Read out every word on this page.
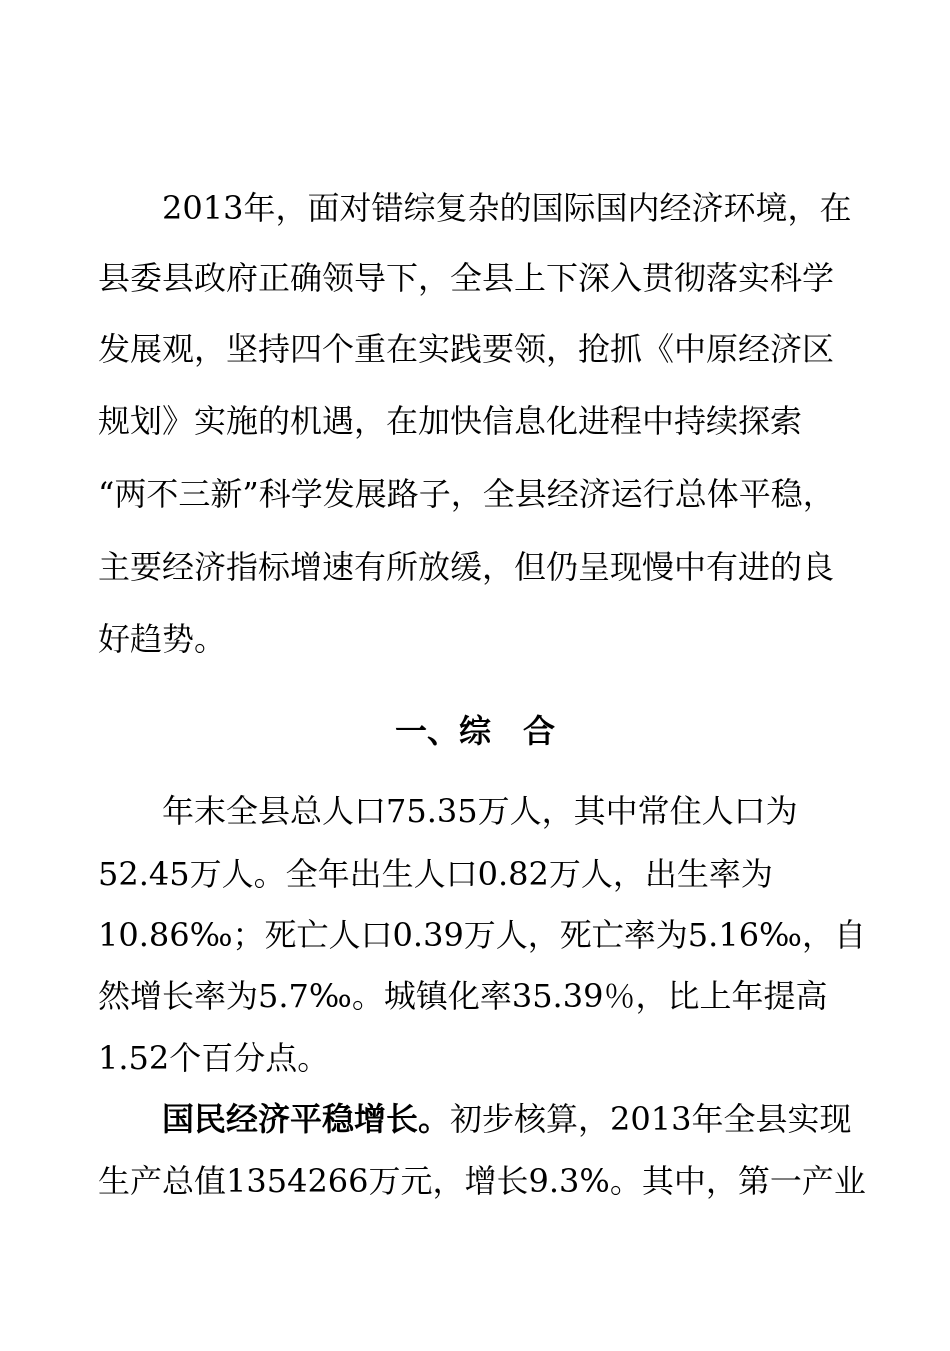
2013年，面对错综复杂的国际国内经济环境，在
县委县政府正确领导下，全县上下深入贯彻落实科学
发展观，坚持四个重在实践要领，抢抓《中原经济区
规划》实施的机遇，在加快信息化进程中持续探索
“两不三新”科学发展路子，全县经济运行总体平稳，
主要经济指标增速有所放缓，但仍呈现慢中有进的良
好趋势。
一、综　合
年末全县总人口75.35万人，其中常住人口为
52.45万人。全年出生人口0.82万人，出生率为
10.86‰；死亡人口0.39万人，死亡率为5.16‰，自
然增长率为5.7‰。城镇化率35.39％，比上年提高
1.52个百分点。
国民经济平稳增长。初步核算，2013年全县实现
生产总值1354266万元，增长9.3%。其中，第一产业
